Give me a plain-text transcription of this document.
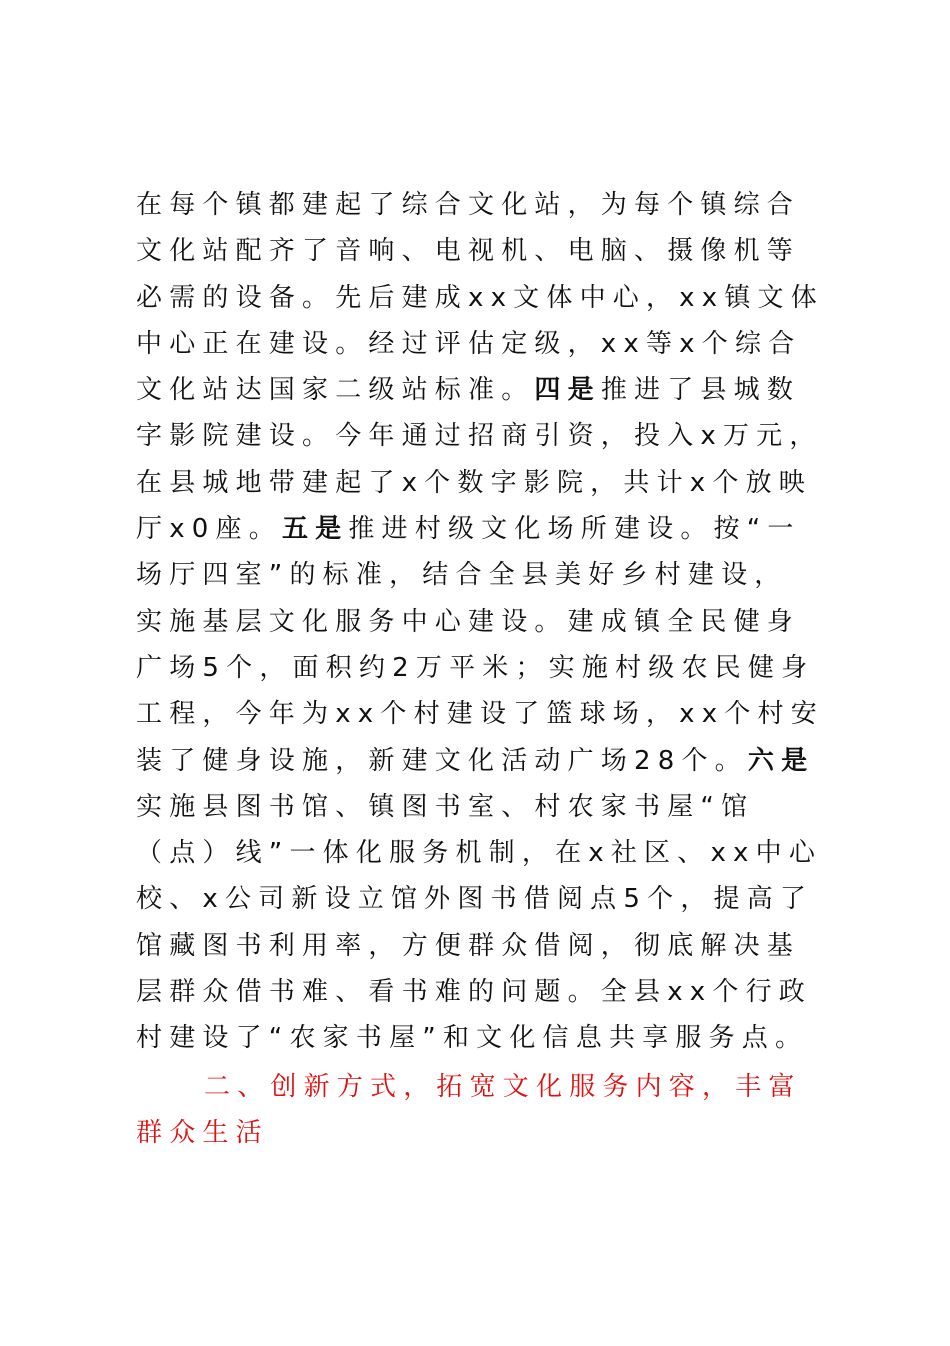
在每个镇都建起了综合文化站，为每个镇综合
文化站配齐了音响、电视机、电脑、摄像机等
必需的设备。先后建成xx文体中心，xx镇文体
中心正在建设。经过评估定级，xx等x个综合
文化站达国家二级站标准。四是推进了县城数
字影院建设。今年通过招商引资，投入x万元，
在县城地带建起了x个数字影院，共计x个放映
厅x0座。五是推进村级文化场所建设。按“一
场厅四室”的标准，结合全县美好乡村建设，
实施基层文化服务中心建设。建成镇全民健身
广场5个，面积约2万平米；实施村级农民健身
工程，今年为xx个村建设了篮球场，xx个村安
装了健身设施，新建文化活动广场28个。六是
实施县图书馆、镇图书室、村农家书屋“馆
（点）线”一体化服务机制，在x社区、xx中心
校、x公司新设立馆外图书借阅点5个，提高了
馆藏图书利用率，方便群众借阅，彻底解决基
层群众借书难、看书难的问题。全县xx个行政
村建设了“农家书屋”和文化信息共享服务点。
二、创新方式，拓宽文化服务内容，丰富
群众生活
